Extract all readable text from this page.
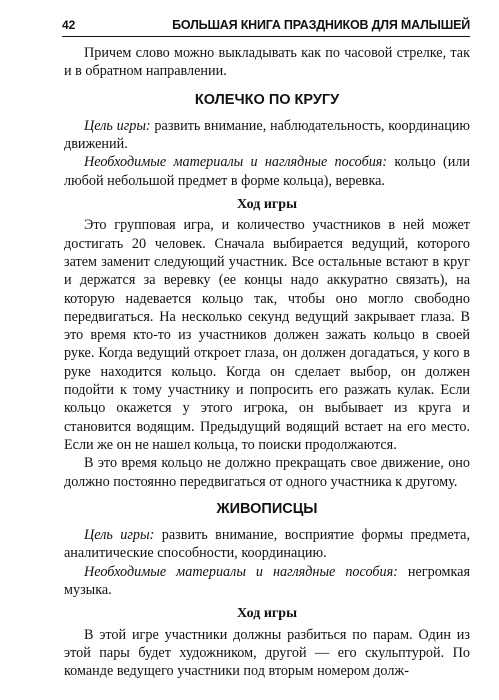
42	БОЛЬШАЯ КНИГА ПРАЗДНИКОВ ДЛЯ МАЛЫШЕЙ

Причем слово можно выкладывать как по часовой стрелке, так и в обратном направлении.

КОЛЕЧКО ПО КРУГУ

Цель игры: развить внимание, наблюдательность, координацию движений.

Необходимые материалы и наглядные пособия: кольцо (или любой небольшой предмет в форме кольца), веревка.

Ход игры

Это групповая игра, и количество участников в ней может достигать 20 человек. Сначала выбирается ведущий, которого затем заменит следующий участник. Все остальные встают в круг и держатся за веревку (ее концы надо аккуратно связать), на которую надевается кольцо так, чтобы оно могло свободно передвигаться. На несколько секунд ведущий закрывает глаза. В это время кто-то из участников должен зажать кольцо в своей руке. Когда ведущий откроет глаза, он должен догадаться, у кого в руке находится кольцо. Когда он сделает выбор, он должен подойти к тому участнику и попросить его разжать кулак. Если кольцо окажется у этого игрока, он выбывает из круга и становится водящим. Предыдущий водящий встает на его место. Если же он не нашел кольца, то поиски продолжаются.

В это время кольцо не должно прекращать свое движение, оно должно постоянно передвигаться от одного участника к другому.

ЖИВОПИСЦЫ

Цель игры: развить внимание, восприятие формы предмета, аналитические способности, координацию.

Необходимые материалы и наглядные пособия: негромкая музыка.

Ход игры

В этой игре участники должны разбиться по парам. Один из этой пары будет художником, другой — его скульптурой. По команде ведущего участники под вторым номером долж-
